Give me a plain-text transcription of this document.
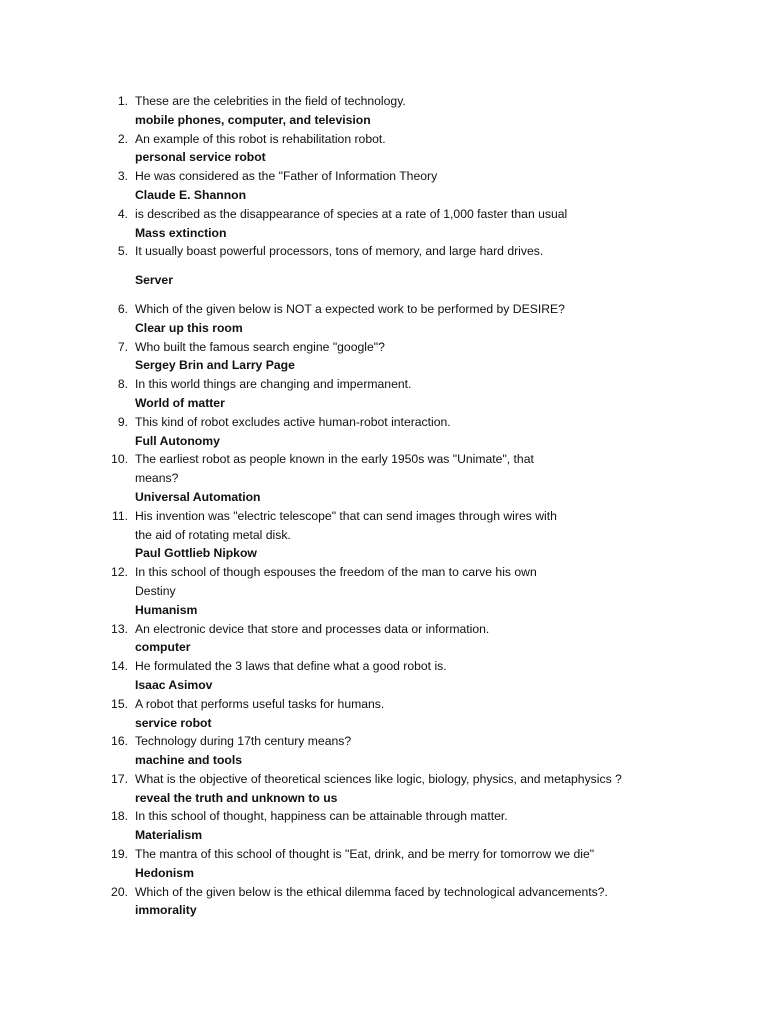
1. These are the celebrities in the field of technology.
mobile phones, computer, and television
2. An example of this robot is rehabilitation robot.
personal service robot
3. He was considered as the "Father of Information Theory
Claude E. Shannon
4. is described as the disappearance of species at a rate of 1,000 faster than usual
Mass extinction
5. It usually boast powerful processors, tons of memory, and large hard drives.
Server
6. Which of the given below is NOT a expected work to be performed by DESIRE?
Clear up this room
7. Who built the famous search engine "google"?
Sergey Brin and Larry Page
8. In this world things are changing and impermanent.
World of matter
9. This kind of robot excludes active human-robot interaction.
Full Autonomy
10. The earliest robot as people known in the early 1950s was "Unimate", that
means?
Universal Automation
11. His invention was "electric telescope" that can send images through wires with
the aid of rotating metal disk.
Paul Gottlieb Nipkow
12. In this school of though espouses the freedom of the man to carve his own
Destiny
Humanism
13. An electronic device that store and processes data or information.
computer
14. He formulated the 3 laws that define what a good robot is.
Isaac Asimov
15. A robot that performs useful tasks for humans.
service robot
16. Technology during 17th century means?
machine and tools
17. What is the objective of theoretical sciences like logic, biology, physics, and metaphysics ?
reveal the truth and unknown to us
18. In this school of thought, happiness can be attainable through matter.
Materialism
19. The mantra of this school of thought is "Eat, drink, and be merry for tomorrow we die"
Hedonism
20. Which of the given below is the ethical dilemma faced by technological advancements?.
immorality
